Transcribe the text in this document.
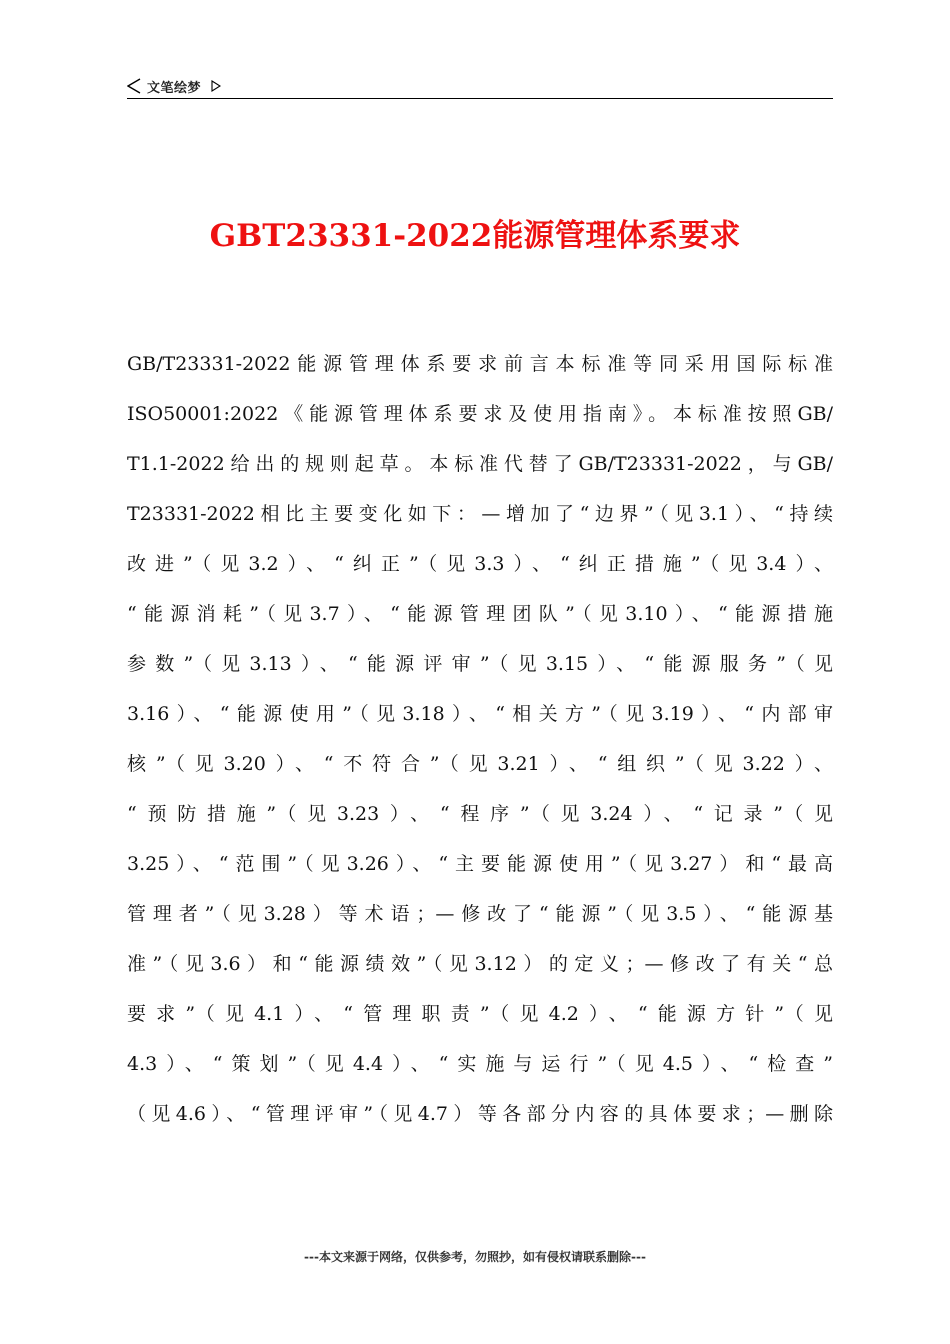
文笔绘梦
GBT23331-2022能源管理体系要求
GB/T23331-2022能源管理体系要求前言本标准等同采用国际标准
ISO50001:2022《能源管理体系要求及使用指南》。本标准按照GB/
T1.1-2022给出的规则起草。本标准代替了GB/T23331-2022，与GB/
T23331-2022相比主要变化如下：—增加了“边界”（见3.1）、“持续
改进”（见3.2）、“纠正”（见3.3）、“纠正措施”（见3.4）、
“能源消耗”（见3.7）、“能源管理团队”（见3.10）、“能源措施
参数”（见3.13）、“能源评审”（见3.15）、“能源服务”（见
3.16）、“能源使用”（见3.18）、“相关方”（见3.19）、“内部审
核”（见3.20）、“不符合”（见3.21）、“组织”（见3.22）、
“预防措施”（见3.23）、“程序”（见3.24）、“记录”（见
3.25）、“范围”（见3.26）、“主要能源使用”（见3.27）和“最高
管理者”（见3.28）等术语；—修改了“能源”（见3.5）、“能源基
准”（见3.6）和“能源绩效”（见3.12）的定义；—修改了有关“总
要求”（见4.1）、“管理职责”（见4.2）、“能源方针”（见
4.3）、“策划”（见4.4）、“实施与运行”（见4.5）、“检查”
（见4.6）、“管理评审”（见4.7）等各部分内容的具体要求；—删除
---本文来源于网络，仅供参考，勿照抄，如有侵权请联系删除---
